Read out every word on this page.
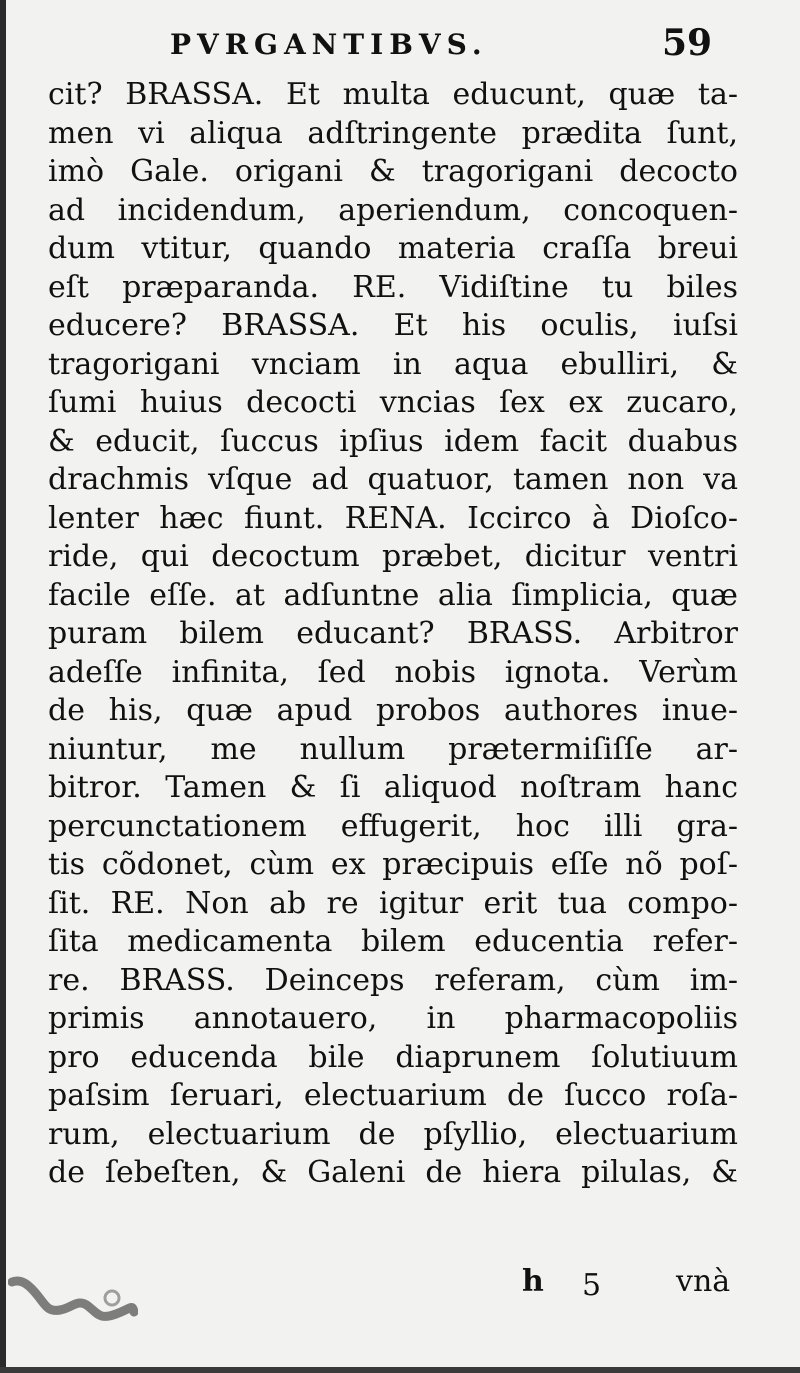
PVRGANTIBVS.	59
cit? BRASSA. Et multa educunt, quæ ta-
men vi aliqua adſtringente prædita ſunt,
imò Gale. origani & tragorigani decocto
ad incidendum, aperiendum, concoquen-
dum vtitur, quando materia craſſa breui
eſt præparanda. RE. Vidiſtine tu biles
educere? BRASSA. Et his oculis, iuſsi
tragorigani vnciam in aqua ebulliri, &
ſumi huius decocti vncias ſex ex zucaro,
& educit, ſuccus ipſius idem facit duabus
drachmis vſque ad quatuor, tamen non va
lenter hæc fiunt. RENA. Iccirco à Dioſco-
ride, qui decoctum præbet, dicitur ventri
facile eſſe. at adſuntne alia ſimplicia, quæ
puram bilem educant? BRASS. Arbitror
adeſſe infinita, ſed nobis ignota. Verùm
de his, quæ apud probos authores inue-
niuntur, me nullum prætermiſiſſe ar-
bitror. Tamen & ſi aliquod noſtram hanc
percunctationem effugerit, hoc illi gra-
tis cõdonet, cùm ex præcipuis eſſe nõ poſ-
ſit. RE. Non ab re igitur erit tua compo-
ſita medicamenta bilem educentia refer-
re. BRASS. Deinceps referam, cùm im-
primis annotauero, in pharmacopoliis
pro educenda bile diaprunem ſolutiuum
paſsim ſeruari, electuarium de ſucco roſa-
rum, electuarium de pſyllio, electuarium
de ſebeſten, & Galeni de hiera pilulas, &
h 5 vnà
